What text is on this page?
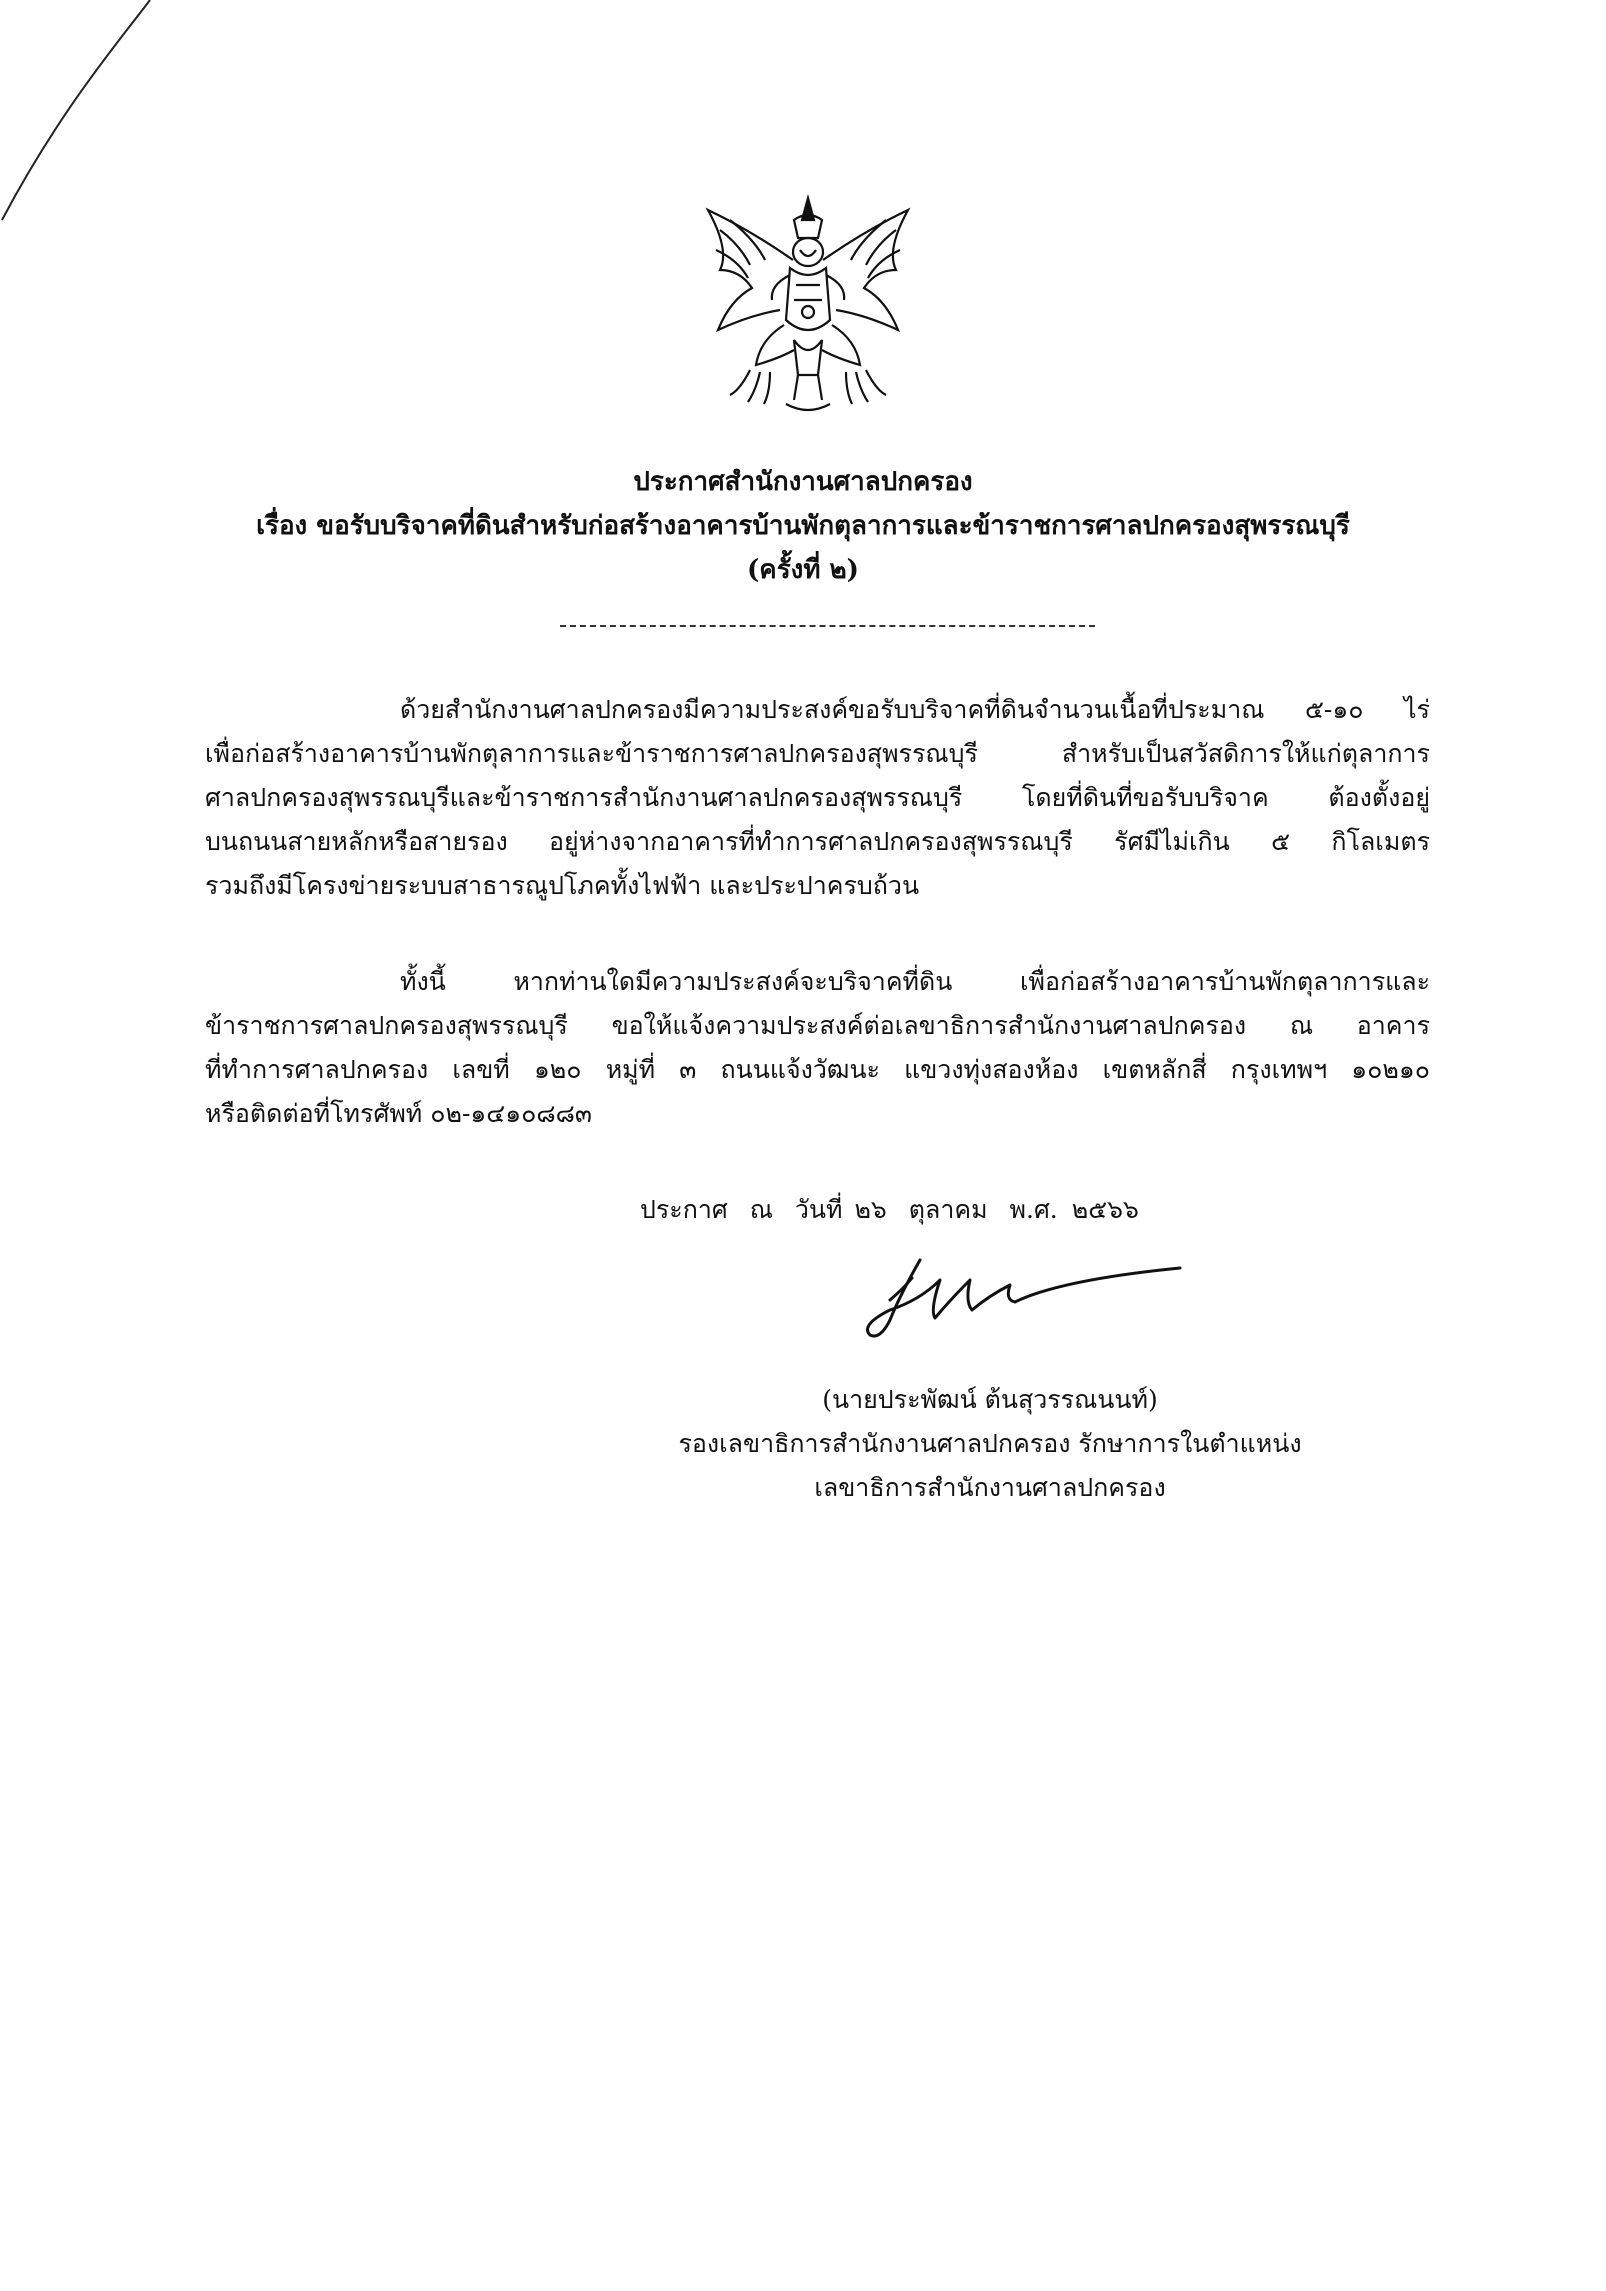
ประกาศสำนักงานศาลปกครอง
เรื่อง ขอรับบริจาคที่ดินสำหรับก่อสร้างอาคารบ้านพักตุลาการและข้าราชการศาลปกครองสุพรรณบุรี
(ครั้งที่ ๒)
ด้วยสำนักงานศาลปกครองมีความประสงค์ขอรับบริจาคที่ดินจำนวนเนื้อที่ประมาณ ๕-๑๐ ไร่
เพื่อก่อสร้างอาคารบ้านพักตุลาการและข้าราชการศาลปกครองสุพรรณบุรี สำหรับเป็นสวัสดิการให้แก่ตุลาการ
ศาลปกครองสุพรรณบุรีและข้าราชการสำนักงานศาลปกครองสุพรรณบุรี โดยที่ดินที่ขอรับบริจาค ต้องตั้งอยู่
บนถนนสายหลักหรือสายรอง อยู่ห่างจากอาคารที่ทำการศาลปกครองสุพรรณบุรี รัศมีไม่เกิน ๕ กิโลเมตร
รวมถึงมีโครงข่ายระบบสาธารณูปโภคทั้งไฟฟ้า และประปาครบถ้วน
ทั้งนี้ หากท่านใดมีความประสงค์จะบริจาคที่ดิน เพื่อก่อสร้างอาคารบ้านพักตุลาการและ
ข้าราชการศาลปกครองสุพรรณบุรี ขอให้แจ้งความประสงค์ต่อเลขาธิการสำนักงานศาลปกครอง ณ อาคาร
ที่ทำการศาลปกครอง เลขที่ ๑๒๐ หมู่ที่ ๓ ถนนแจ้งวัฒนะ แขวงทุ่งสองห้อง เขตหลักสี่ กรุงเทพฯ ๑๐๒๑๐
หรือติดต่อที่โทรศัพท์ ๐๒-๑๔๑๐๘๘๓
ประกาศ ณ วันที่ ๒๖ ตุลาคม พ.ศ. ๒๕๖๖
(นายประพัฒน์ ต้นสุวรรณนนท์)
รองเลขาธิการสำนักงานศาลปกครอง รักษาการในตำแหน่ง
เลขาธิการสำนักงานศาลปกครอง
